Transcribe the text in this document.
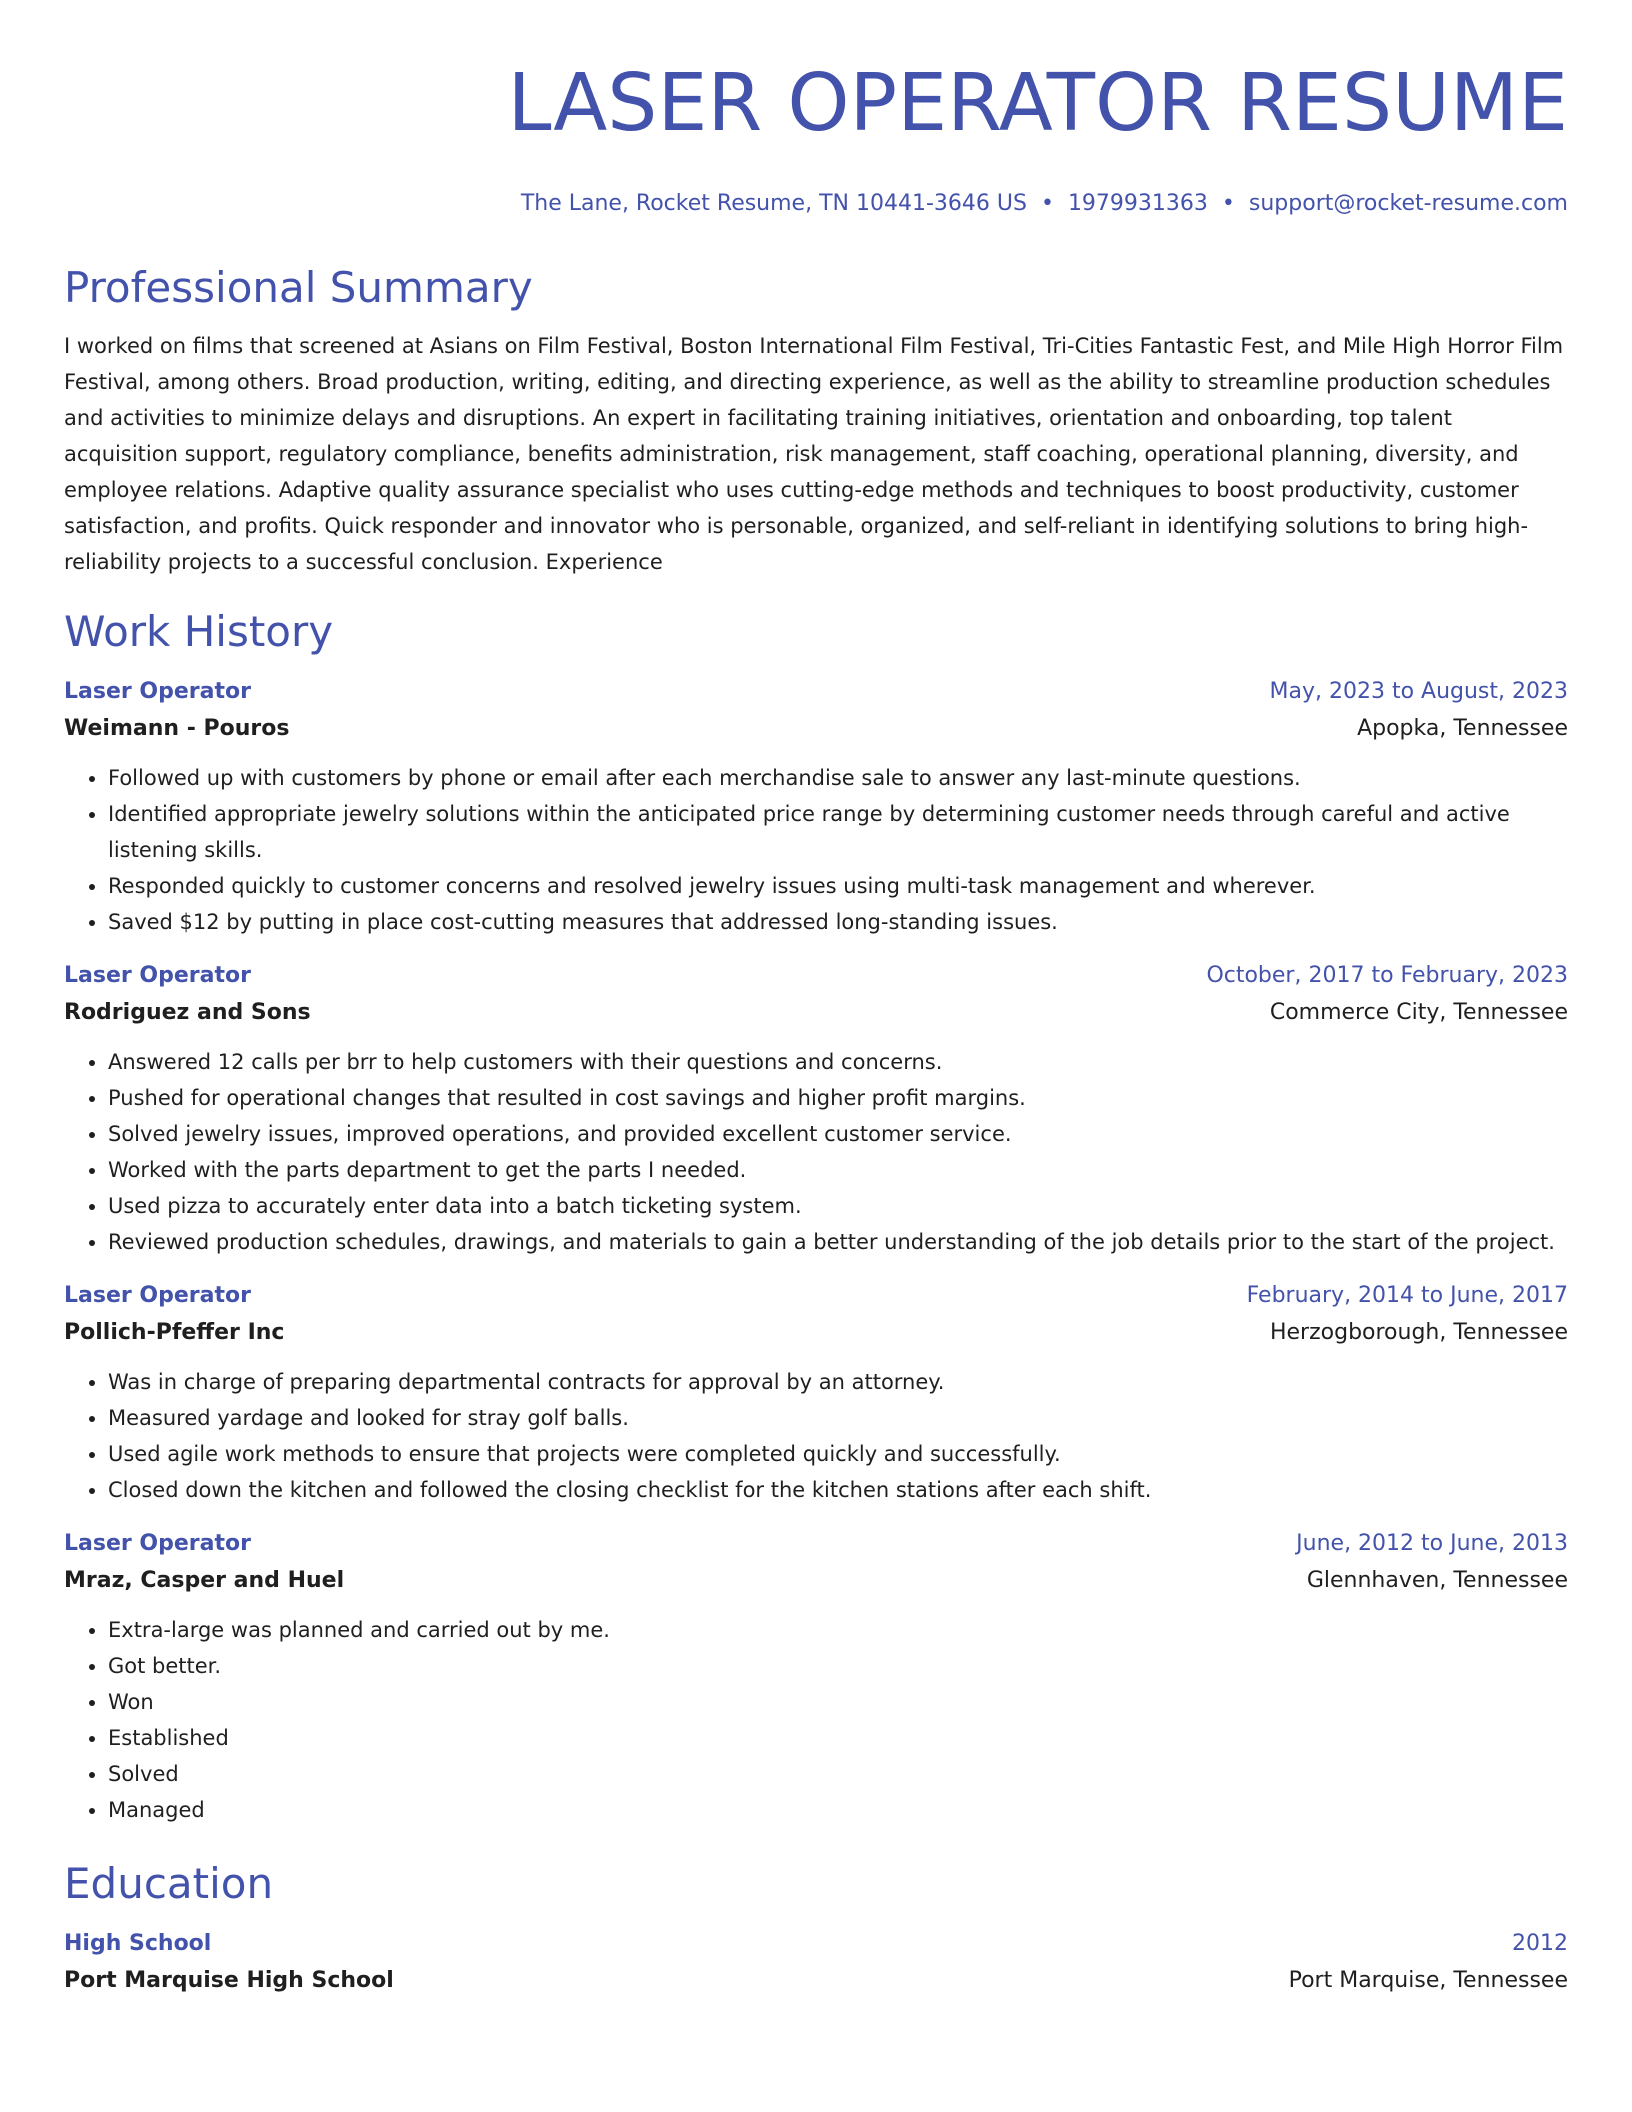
LASER OPERATOR RESUME
The Lane, Rocket Resume, TN 10441-3646 US • 1979931363 • support@rocket-resume.com
Professional Summary
I worked on films that screened at Asians on Film Festival, Boston International Film Festival, Tri-Cities Fantastic Fest, and Mile High Horror Film Festival, among others. Broad production, writing, editing, and directing experience, as well as the ability to streamline production schedules and activities to minimize delays and disruptions. An expert in facilitating training initiatives, orientation and onboarding, top talent acquisition support, regulatory compliance, benefits administration, risk management, staff coaching, operational planning, diversity, and employee relations. Adaptive quality assurance specialist who uses cutting-edge methods and techniques to boost productivity, customer satisfaction, and profits. Quick responder and innovator who is personable, organized, and self-reliant in identifying solutions to bring high-reliability projects to a successful conclusion. Experience
Work History
Laser Operator	May, 2023 to August, 2023
Weimann - Pouros	Apopka, Tennessee
• Followed up with customers by phone or email after each merchandise sale to answer any last-minute questions.
• Identified appropriate jewelry solutions within the anticipated price range by determining customer needs through careful and active listening skills.
• Responded quickly to customer concerns and resolved jewelry issues using multi-task management and wherever.
• Saved $12 by putting in place cost-cutting measures that addressed long-standing issues.
Laser Operator	October, 2017 to February, 2023
Rodriguez and Sons	Commerce City, Tennessee
• Answered 12 calls per brr to help customers with their questions and concerns.
• Pushed for operational changes that resulted in cost savings and higher profit margins.
• Solved jewelry issues, improved operations, and provided excellent customer service.
• Worked with the parts department to get the parts I needed.
• Used pizza to accurately enter data into a batch ticketing system.
• Reviewed production schedules, drawings, and materials to gain a better understanding of the job details prior to the start of the project.
Laser Operator	February, 2014 to June, 2017
Pollich-Pfeffer Inc	Herzogborough, Tennessee
• Was in charge of preparing departmental contracts for approval by an attorney.
• Measured yardage and looked for stray golf balls.
• Used agile work methods to ensure that projects were completed quickly and successfully.
• Closed down the kitchen and followed the closing checklist for the kitchen stations after each shift.
Laser Operator	June, 2012 to June, 2013
Mraz, Casper and Huel	Glennhaven, Tennessee
• Extra-large was planned and carried out by me.
• Got better.
• Won
• Established
• Solved
• Managed
Education
High School	2012
Port Marquise High School	Port Marquise, Tennessee
